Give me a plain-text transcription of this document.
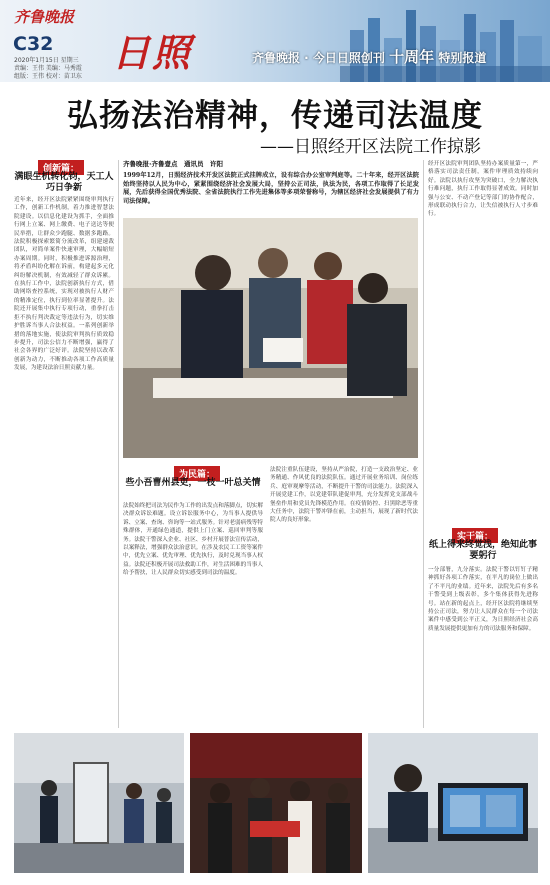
齐鲁晚报
C32
2020年1月15日 星期三
责编：王伟 美编：马秀霞
组版：王伟 校对：苗卫东
日照	齐鲁晚报 · 今日日照创刊 十周年 特别报道
弘扬法治精神，传递司法温度
——日照经开区法院工作掠影
齐鲁晚报·齐鲁壹点　通讯员　许阳
1999年12月，日照经济技术开发区法院正式挂牌成立，设有综合办公室审判庭等。二十年来，经开区法院始终坚持以人民为中心，紧紧围绕经济社会发展大局，坚持公正司法，执法为民，各项工作取得了长足发展，先后获得全国优秀法院、全省法院执行工作先进集体等多项荣誉称号，为辖区经济社会发展提供了有力司法保障。
创新篇：
满眼生机转化钧，天工人巧日争新
近年来，经开区法院紧紧围绕审判执行工作，创新工作机制，着力推进智慧法院建设。以信息化建设为抓手，全面推行网上立案、网上缴费、电子送达等便民举措，让群众少跑腿、数据多跑路。法院积极探索繁简分流改革，组建速裁团队，对简单案件快速审理，大幅缩短办案周期。同时，积极推进诉源治理，将矛盾纠纷化解在诉前，构建起多元化纠纷解决机制，有效减轻了群众诉累。在执行工作中，法院创新执行方式，借助网络查控系统，实现对被执行人财产的精准定位，执行到位率显著提升。法院还开展集中执行专项行动，重拳打击拒不执行判决裁定等违法行为，切实维护胜诉当事人合法权益。一系列创新举措的落地实施，使法院审判执行质效稳步提升，司法公信力不断增强，赢得了社会各界的广泛好评。法院坚持以改革创新为动力，不断推动各项工作高质量发展，为建设法治日照贡献力量。
为民篇：
些小吾曹州县吏，一枝一叶总关情
法院始终把司法为民作为工作的出发点和落脚点，切实解决群众诉讼难题。设立诉讼服务中心，为当事人提供导诉、立案、查询、咨询等一站式服务。针对老弱病残等特殊群体，开通绿色通道，提供上门立案、巡回审判等服务。法院干警深入企业、社区、乡村开展普法宣传活动，以案释法，增强群众法治意识。在涉及农民工工资等案件中，优先立案、优先审理、优先执行，及时兑现当事人权益。法院还积极开展司法救助工作，对生活困难的当事人给予帮扶，让人民群众切实感受到司法的温度。
法院注重队伍建设，坚持从严治院，打造一支政治坚定、业务精通、作风优良的法院队伍。通过开展业务培训、岗位练兵、庭审观摩等活动，不断提升干警的司法能力。法院深入开展党建工作，以党建带队建促审判，充分发挥党支部战斗堡垒作用和党员先锋模范作用。在疫情防控、扫黑除恶等重大任务中，法院干警冲锋在前，主动担当，展现了新时代法院人的良好形象。
经开区法院审判团队坚持办案质量第一，严格落实司法责任制，案件审理质效持续向好。法院以执行攻坚为突破口，全力解决执行难问题，执行工作取得显著成效。同时加强与公安、不动产登记等部门的协作配合，形成联动执行合力，让失信被执行人寸步难行。
实干篇：
纸上得来终觉浅，绝知此事要躬行
一分部署，九分落实。法院干警以钉钉子精神抓好各项工作落实，在平凡的岗位上做出了不平凡的业绩。近年来，法院先后有多名干警受到上级表彰，多个集体获得先进称号。站在新的起点上，经开区法院将继续坚持公正司法，努力让人民群众在每一个司法案件中感受到公平正义，为日照经济社会高质量发展提供更加有力的司法服务和保障。
